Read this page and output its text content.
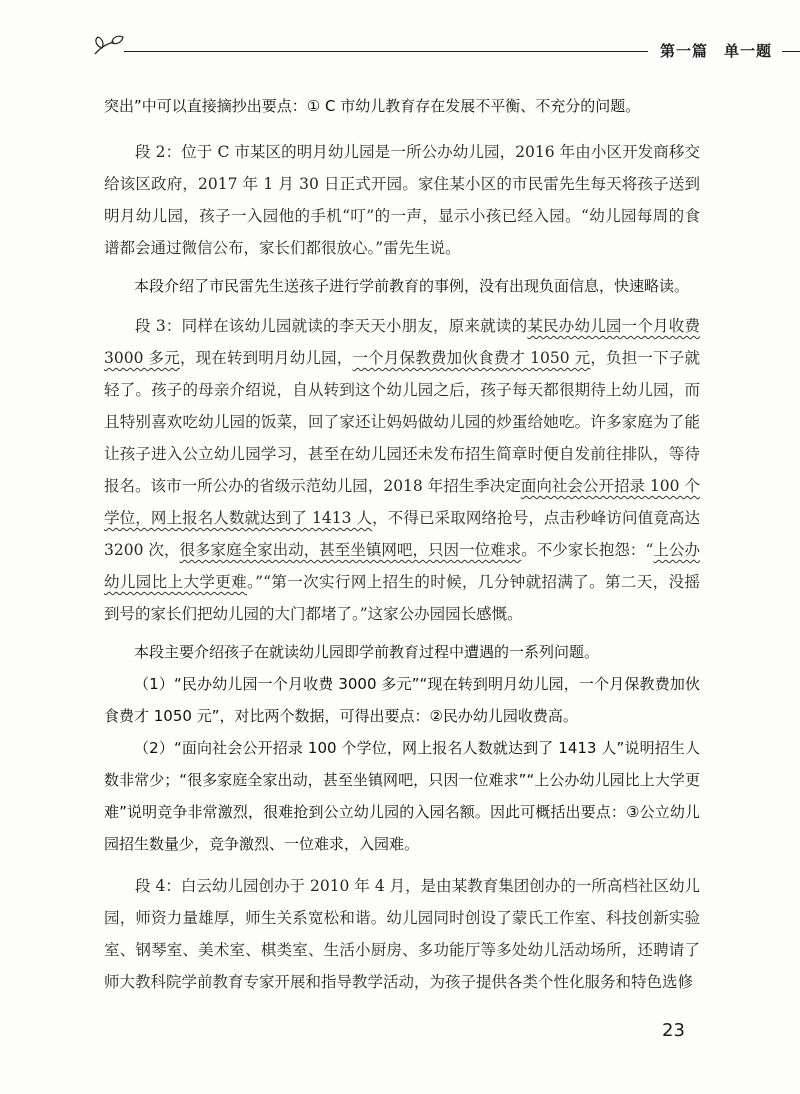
第一篇　单一题

突出”中可以直接摘抄出要点：① C 市幼儿教育存在发展不平衡、不充分的问题。

段 2：位于 C 市某区的明月幼儿园是一所公办幼儿园，2016 年由小区开发商移交给该区政府，2017 年 1 月 30 日正式开园。家住某小区的市民雷先生每天将孩子送到明月幼儿园，孩子一入园他的手机“叮”的一声，显示小孩已经入园。“幼儿园每周的食谱都会通过微信公布，家长们都很放心。”雷先生说。

本段介绍了市民雷先生送孩子进行学前教育的事例，没有出现负面信息，快速略读。

段 3：同样在该幼儿园就读的李天天小朋友，原来就读的某民办幼儿园一个月收费 3000 多元，现在转到明月幼儿园，一个月保教费加伙食费才 1050 元，负担一下子就轻了。孩子的母亲介绍说，自从转到这个幼儿园之后，孩子每天都很期待上幼儿园，而且特别喜欢吃幼儿园的饭菜，回了家还让妈妈做幼儿园的炒蛋给她吃。许多家庭为了能让孩子进入公立幼儿园学习，甚至在幼儿园还未发布招生简章时便自发前往排队，等待报名。该市一所公办的省级示范幼儿园，2018 年招生季决定面向社会公开招录 100 个学位，网上报名人数就达到了 1413 人，不得已采取网络抢号，点击秒峰访问值竟高达 3200 次，很多家庭全家出动，甚至坐镇网吧，只因一位难求。不少家长抱怨：“上公办幼儿园比上大学更难。”“第一次实行网上招生的时候，几分钟就招满了。第二天，没摇到号的家长们把幼儿园的大门都堵了。”这家公办园园长感慨。

本段主要介绍孩子在就读幼儿园即学前教育过程中遭遇的一系列问题。

（1）“民办幼儿园一个月收费 3000 多元”“现在转到明月幼儿园，一个月保教费加伙食费才 1050 元”，对比两个数据，可得出要点：②民办幼儿园收费高。

（2）“面向社会公开招录 100 个学位，网上报名人数就达到了 1413 人”说明招生人数非常少；“很多家庭全家出动，甚至坐镇网吧，只因一位难求”“上公办幼儿园比上大学更难”说明竞争非常激烈，很难抢到公立幼儿园的入园名额。因此可概括出要点：③公立幼儿园招生数量少，竞争激烈、一位难求，入园难。

段 4：白云幼儿园创办于 2010 年 4 月，是由某教育集团创办的一所高档社区幼儿园，师资力量雄厚，师生关系宽松和谐。幼儿园同时创设了蒙氏工作室、科技创新实验室、钢琴室、美术室、棋类室、生活小厨房、多功能厅等多处幼儿活动场所，还聘请了师大教科院学前教育专家开展和指导教学活动，为孩子提供各类个性化服务和特色选修

23
